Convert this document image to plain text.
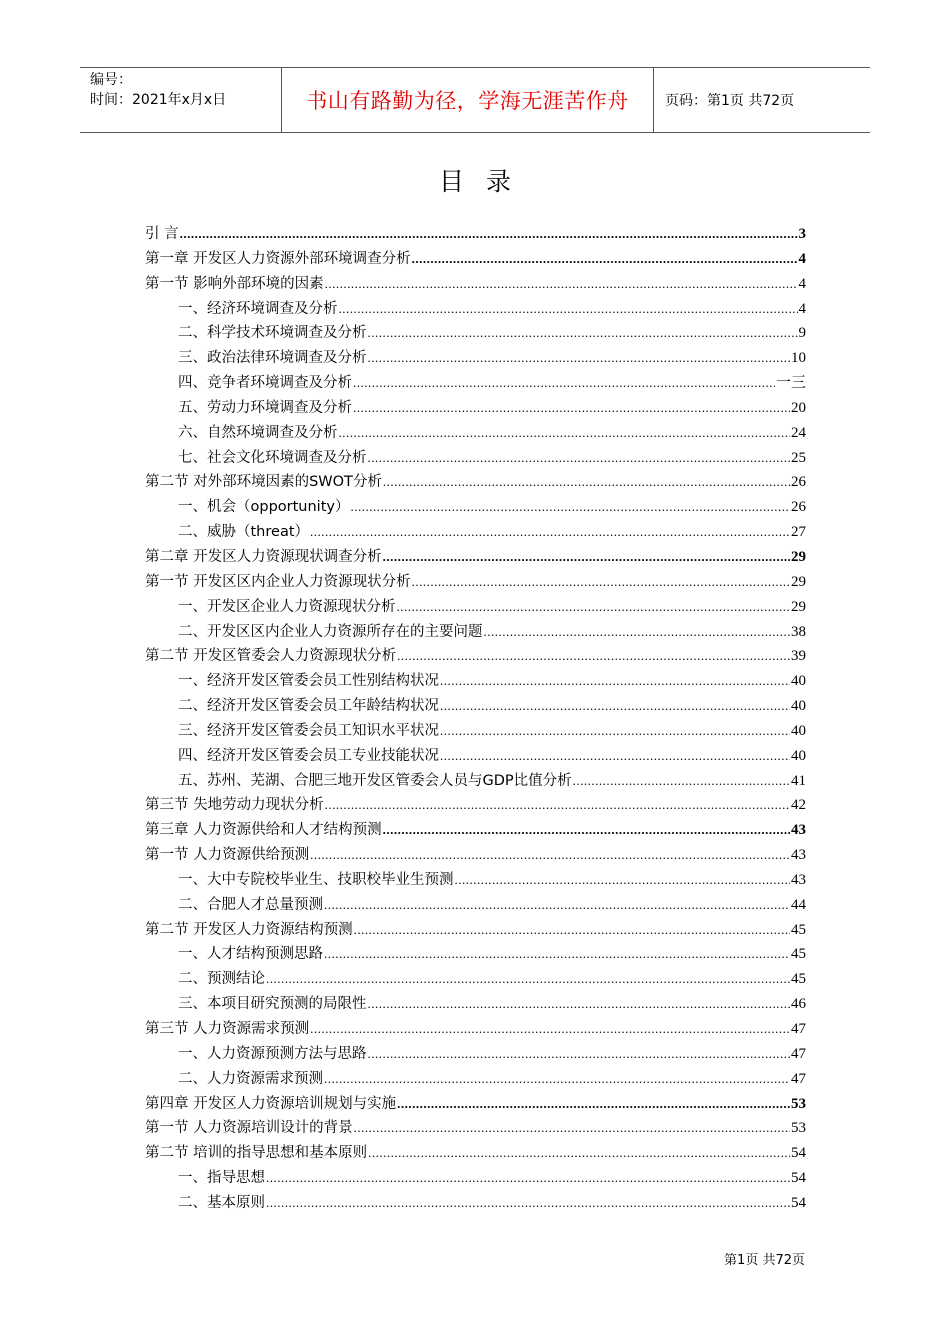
编号：
时间：2021年x月x日	书山有路勤为径，学海无涯苦作舟	页码：第1页 共72页
目录
引 言 .....	3
第一章 开发区人力资源外部环境调查分析 .....	4
第一节 影响外部环境的因素 .....	4
一、经济环境调查及分析 .....	4
二、科学技术环境调查及分析 .....	9
三、政治法律环境调查及分析 .....	10
四、竞争者环境调查及分析 .....	一三
五、劳动力环境调查及分析 .....	20
六、自然环境调查及分析 .....	24
七、社会文化环境调查及分析 .....	25
第二节 对外部环境因素的SWOT分析 .....	26
一、机会（opportunity） .....	26
二、威胁（threat） .....	27
第二章 开发区人力资源现状调查分析 .....	29
第一节 开发区区内企业人力资源现状分析 .....	29
一、开发区企业人力资源现状分析 .....	29
二、开发区区内企业人力资源所存在的主要问题 .....	38
第二节 开发区管委会人力资源现状分析 .....	39
一、经济开发区管委会员工性别结构状况 .....	40
二、经济开发区管委会员工年龄结构状况 .....	40
三、经济开发区管委会员工知识水平状况 .....	40
四、经济开发区管委会员工专业技能状况 .....	40
五、苏州、芜湖、合肥三地开发区管委会人员与GDP比值分析 .....	41
第三节 失地劳动力现状分析 .....	42
第三章 人力资源供给和人才结构预测 .....	43
第一节 人力资源供给预测 .....	43
一、大中专院校毕业生、技职校毕业生预测 .....	43
二、合肥人才总量预测 .....	44
第二节 开发区人力资源结构预测 .....	45
一、人才结构预测思路 .....	45
二、预测结论 .....	45
三、本项目研究预测的局限性 .....	46
第三节 人力资源需求预测 .....	47
一、人力资源预测方法与思路 .....	47
二、人力资源需求预测 .....	47
第四章 开发区人力资源培训规划与实施 .....	53
第一节 人力资源培训设计的背景 .....	53
第二节 培训的指导思想和基本原则 .....	54
一、指导思想 .....	54
二、基本原则 .....	54
第1页 共72页
